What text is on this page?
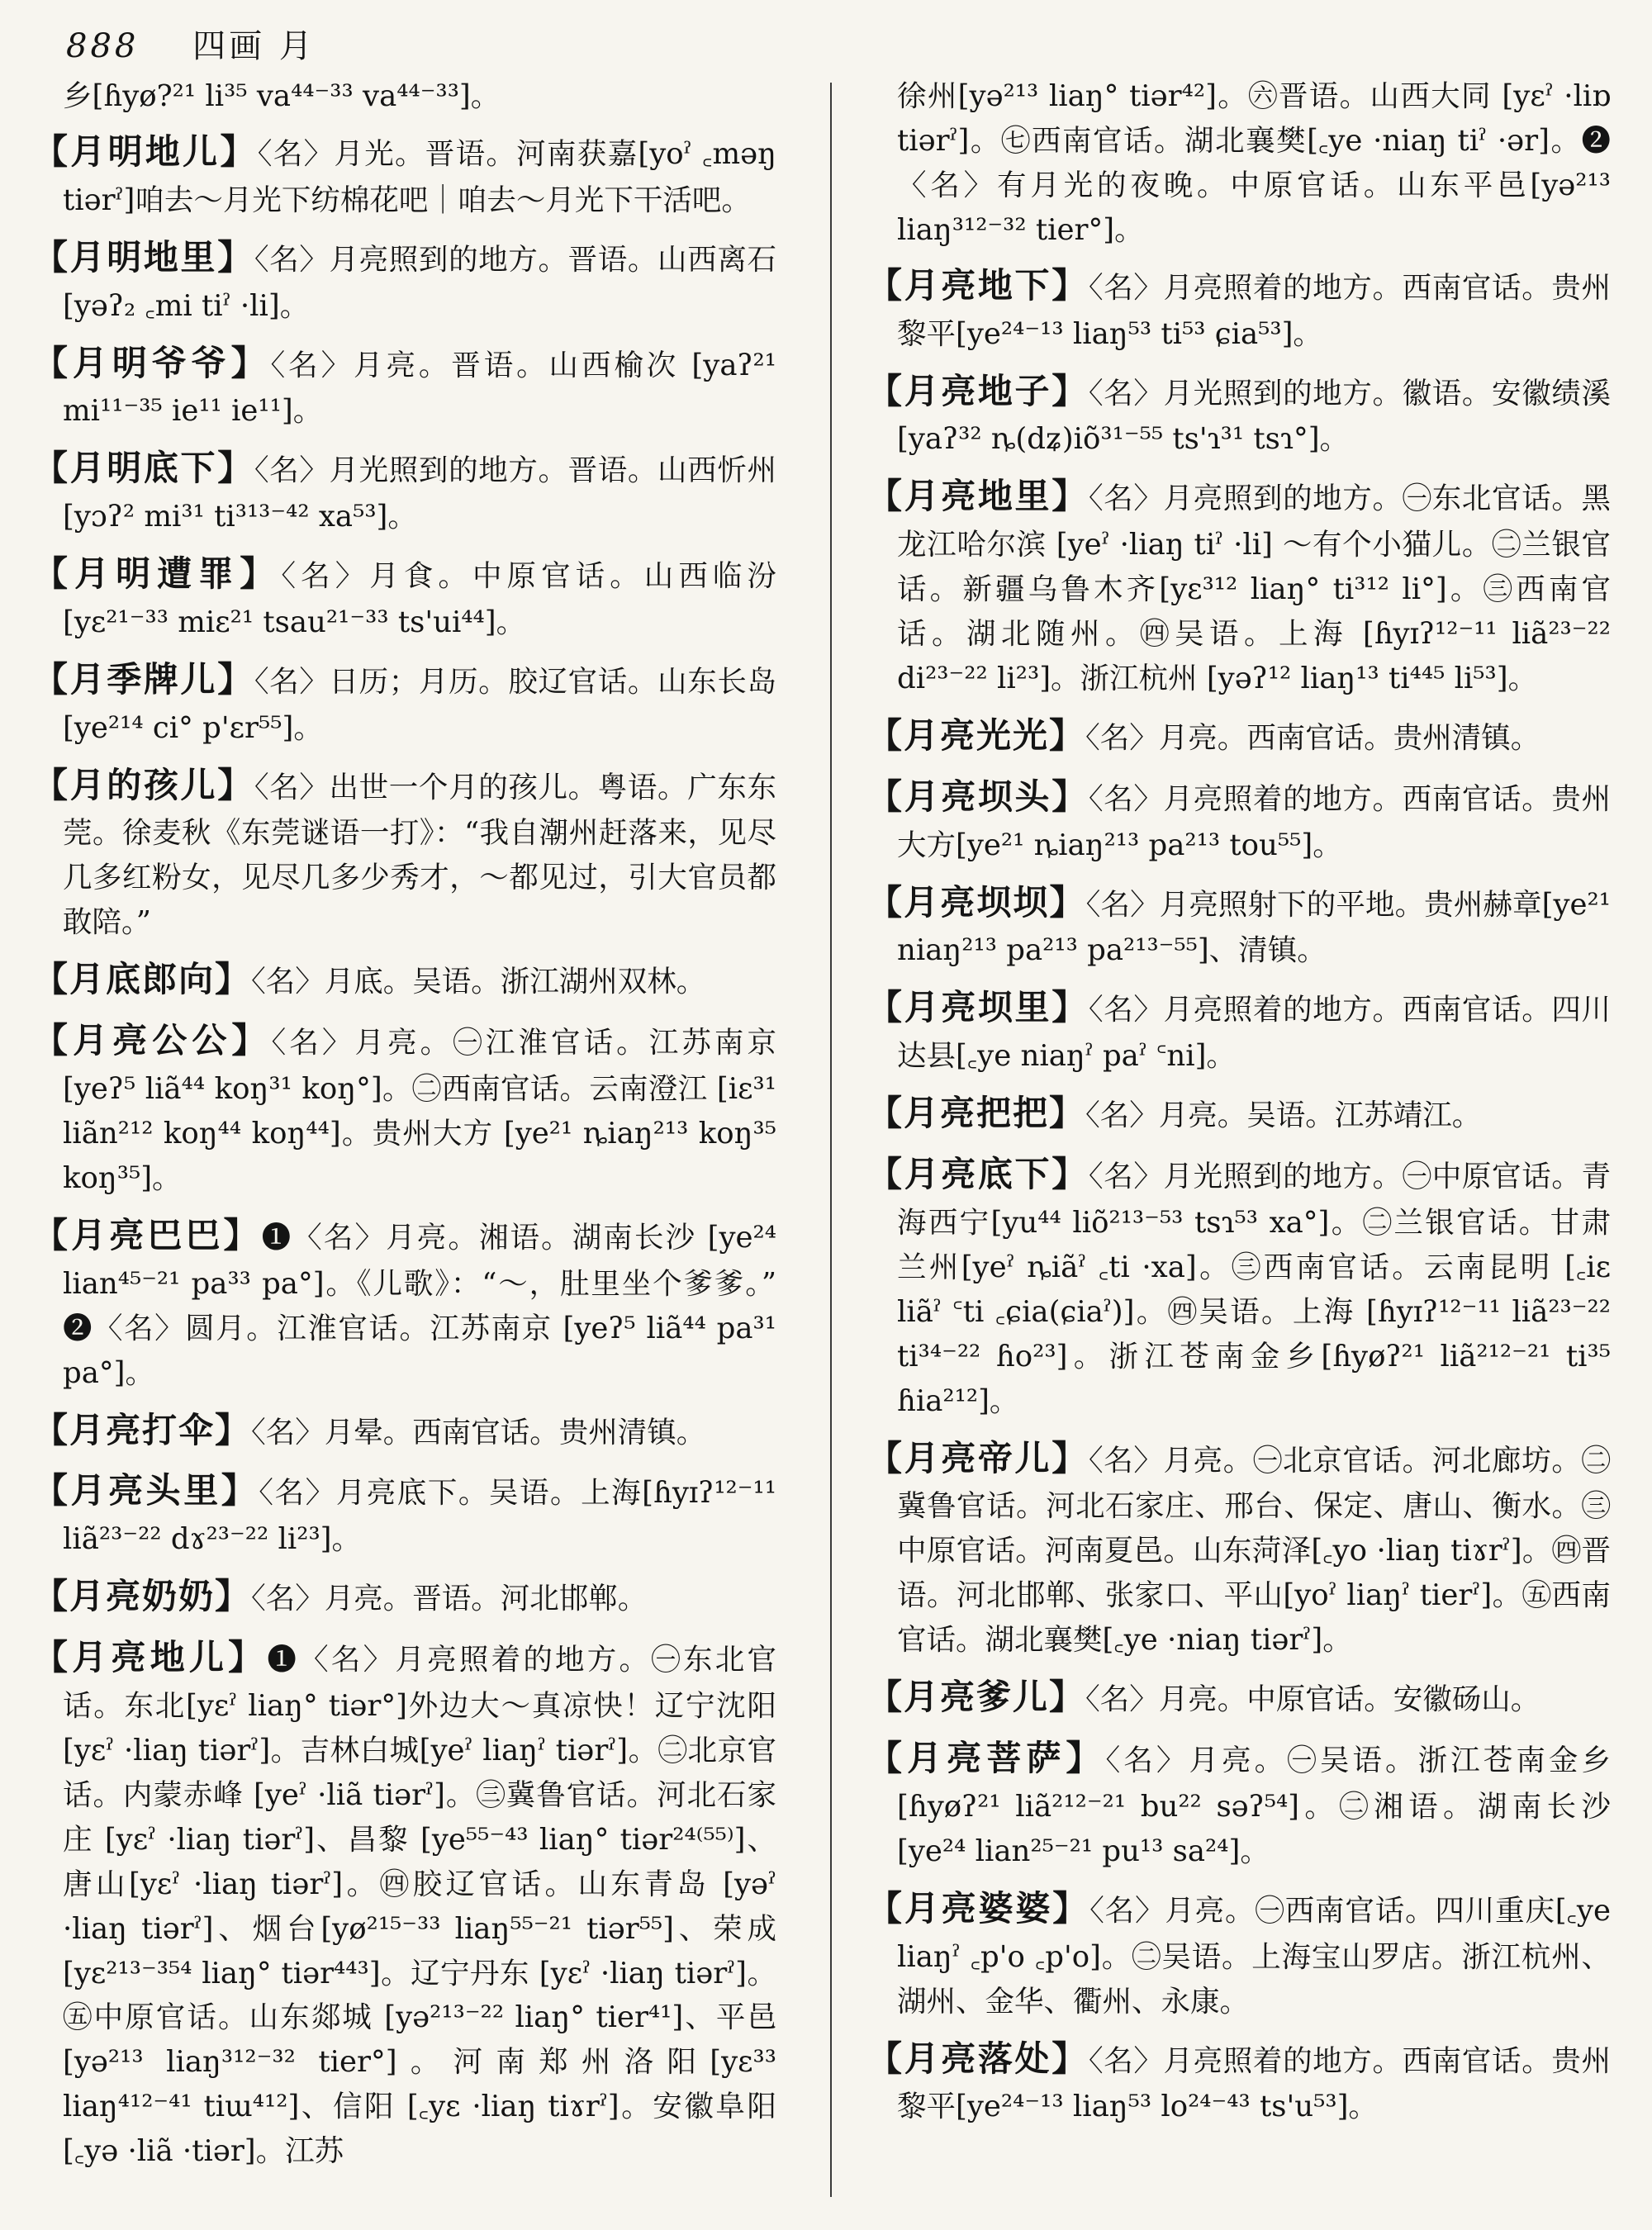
888 四画 月

乡[ɦyø?²¹ li³⁵ va⁴⁴⁻³³ va⁴⁴⁻³³]。

【月明地儿】〈名〉月光。晋语。河南获嘉[yoˀ ꜀məŋ tiərˀ]咱去～月光下纺棉花吧｜咱去～月光下干活吧。

【月明地里】〈名〉月亮照到的地方。晋语。山西离石[yəʔ₂ ꜀mi tiˀ ·li]。

【月明爷爷】〈名〉月亮。晋语。山西榆次 [yaʔ²¹ mi¹¹⁻³⁵ ie¹¹ ie¹¹]。

【月明底下】〈名〉月光照到的地方。晋语。山西忻州 [yɔʔ² mi³¹ ti³¹³⁻⁴² xa⁵³]。

【月明遭罪】〈名〉月食。中原官话。山西临汾 [yɛ²¹⁻³³ miɛ²¹ tsau²¹⁻³³ ts'ui⁴⁴]。

【月季牌儿】〈名〉日历；月历。胶辽官话。山东长岛 [ye²¹⁴ ci° p'ɛr⁵⁵]。

【月的孩儿】〈名〉出世一个月的孩儿。粤语。广东东莞。徐麦秋《东莞谜语一打》：“我自潮州赶落来，见尽几多红粉女，见尽几多少秀才，～都见过，引大官员都敢陪。”

【月底郎向】〈名〉月底。吴语。浙江湖州双林。

【月亮公公】〈名〉月亮。㊀江淮官话。江苏南京[yeʔ⁵ liã⁴⁴ koŋ³¹ koŋ°]。㊁西南官话。云南澄江 [iɛ³¹ liãn²¹² koŋ⁴⁴ koŋ⁴⁴]。贵州大方 [ye²¹ ȵiaŋ²¹³ koŋ³⁵ koŋ³⁵]。

【月亮巴巴】❶〈名〉月亮。湘语。湖南长沙 [ye²⁴ lian⁴⁵⁻²¹ pa³³ pa°]。《儿歌》：“～，肚里坐个爹爹。” ❷〈名〉圆月。江淮官话。江苏南京 [yeʔ⁵ liã⁴⁴ pa³¹ pa°]。

【月亮打伞】〈名〉月晕。西南官话。贵州清镇。

【月亮头里】〈名〉月亮底下。吴语。上海[ɦyɪʔ¹²⁻¹¹ liã²³⁻²² dɤ²³⁻²² li²³]。

【月亮奶奶】〈名〉月亮。晋语。河北邯郸。

【月亮地儿】❶〈名〉月亮照着的地方。㊀东北官话。东北[yɛˀ liaŋ° tiər°]外边大～真凉快！辽宁沈阳[yɛˀ ·liaŋ tiərˀ]。吉林白城[yeˀ liaŋˀ tiərˀ]。㊁北京官话。内蒙赤峰 [yeˀ ·liã tiərˀ]。㊂冀鲁官话。河北石家庄 [yɛˀ ·liaŋ tiərˀ]、昌黎 [ye⁵⁵⁻⁴³ liaŋ° tiər²⁴⁽⁵⁵⁾]、唐山[yɛˀ ·liaŋ tiərˀ]。㊃胶辽官话。山东青岛 [yəˀ ·liaŋ tiərˀ]、烟台[yø²¹⁵⁻³³ liaŋ⁵⁵⁻²¹ tiər⁵⁵]、荣成[yɛ²¹³⁻³⁵⁴ liaŋ° tiər⁴⁴³]。辽宁丹东 [yɛˀ ·liaŋ tiərˀ]。㊄中原官话。山东郯城 [yə²¹³⁻²² liaŋ° tier⁴¹]、平邑[yə²¹³ liaŋ³¹²⁻³² tier°]。河南郑州洛阳[yɛ³³ liaŋ⁴¹²⁻⁴¹ tiɯ⁴¹²]、信阳 [꜀yɛ ·liaŋ tiɤrˀ]。安徽阜阳 [꜀yə ·liã ·tiər]。江苏

徐州[yə²¹³ liaŋ° tiər⁴²]。㊅晋语。山西大同 [yɛˀ ·liɒ tiərˀ]。㊆西南官话。湖北襄樊[꜀ye ·niaŋ tiˀ ·ər]。❷〈名〉有月光的夜晚。中原官话。山东平邑[yə²¹³ liaŋ³¹²⁻³² tier°]。

【月亮地下】〈名〉月亮照着的地方。西南官话。贵州黎平[ye²⁴⁻¹³ liaŋ⁵³ ti⁵³ ɕia⁵³]。

【月亮地子】〈名〉月光照到的地方。徽语。安徽绩溪 [yaʔ³² ȵ(dʑ)iõ³¹⁻⁵⁵ ts'ɿ³¹ tsɿ°]。

【月亮地里】〈名〉月亮照到的地方。㊀东北官话。黑龙江哈尔滨 [yeˀ ·liaŋ tiˀ ·li] ～有个小猫儿。㊁兰银官话。新疆乌鲁木齐[yɛ³¹² liaŋ° ti³¹² li°]。㊂西南官话。湖北随州。㊃吴语。上海 [ɦyɪʔ¹²⁻¹¹ liã²³⁻²² di²³⁻²² li²³]。浙江杭州 [yəʔ¹² liaŋ¹³ ti⁴⁴⁵ li⁵³]。

【月亮光光】〈名〉月亮。西南官话。贵州清镇。

【月亮坝头】〈名〉月亮照着的地方。西南官话。贵州大方[ye²¹ ȵiaŋ²¹³ pa²¹³ tou⁵⁵]。

【月亮坝坝】〈名〉月亮照射下的平地。贵州赫章[ye²¹ niaŋ²¹³ pa²¹³ pa²¹³⁻⁵⁵]、清镇。

【月亮坝里】〈名〉月亮照着的地方。西南官话。四川达县[꜀ye niaŋˀ paˀ ꜂ni]。

【月亮把把】〈名〉月亮。吴语。江苏靖江。

【月亮底下】〈名〉月光照到的地方。㊀中原官话。青海西宁[yu⁴⁴ liõ²¹³⁻⁵³ tsɿ⁵³ xa°]。㊁兰银官话。甘肃兰州[yeˀ ȵiãˀ ꜀ti ·xa]。㊂西南官话。云南昆明 [꜀iɛ liãˀ ꜂ti ꜀ɕia(ɕiaˀ)]。㊃吴语。上海 [ɦyɪʔ¹²⁻¹¹ liã²³⁻²² ti³⁴⁻²² ɦo²³]。浙江苍南金乡[ɦyøʔ²¹ liã²¹²⁻²¹ ti³⁵ ɦia²¹²]。

【月亮帝儿】〈名〉月亮。㊀北京官话。河北廊坊。㊁冀鲁官话。河北石家庄、邢台、保定、唐山、衡水。㊂中原官话。河南夏邑。山东菏泽[꜀yo ·liaŋ tiɤrˀ]。㊃晋语。河北邯郸、张家口、平山[yoˀ liaŋˀ tierˀ]。㊄西南官话。湖北襄樊[꜀ye ·niaŋ tiərˀ]。

【月亮爹儿】〈名〉月亮。中原官话。安徽砀山。

【月亮菩萨】〈名〉月亮。㊀吴语。浙江苍南金乡[ɦyøʔ²¹ liã²¹²⁻²¹ bu²² səʔ⁵⁴]。㊁湘语。湖南长沙 [ye²⁴ lian²⁵⁻²¹ pu¹³ sa²⁴]。

【月亮婆婆】〈名〉月亮。㊀西南官话。四川重庆[꜀ye liaŋˀ ꜀p'o ꜀p'o]。㊁吴语。上海宝山罗店。浙江杭州、湖州、金华、衢州、永康。

【月亮落处】〈名〉月亮照着的地方。西南官话。贵州黎平[ye²⁴⁻¹³ liaŋ⁵³ lo²⁴⁻⁴³ ts'u⁵³]。
